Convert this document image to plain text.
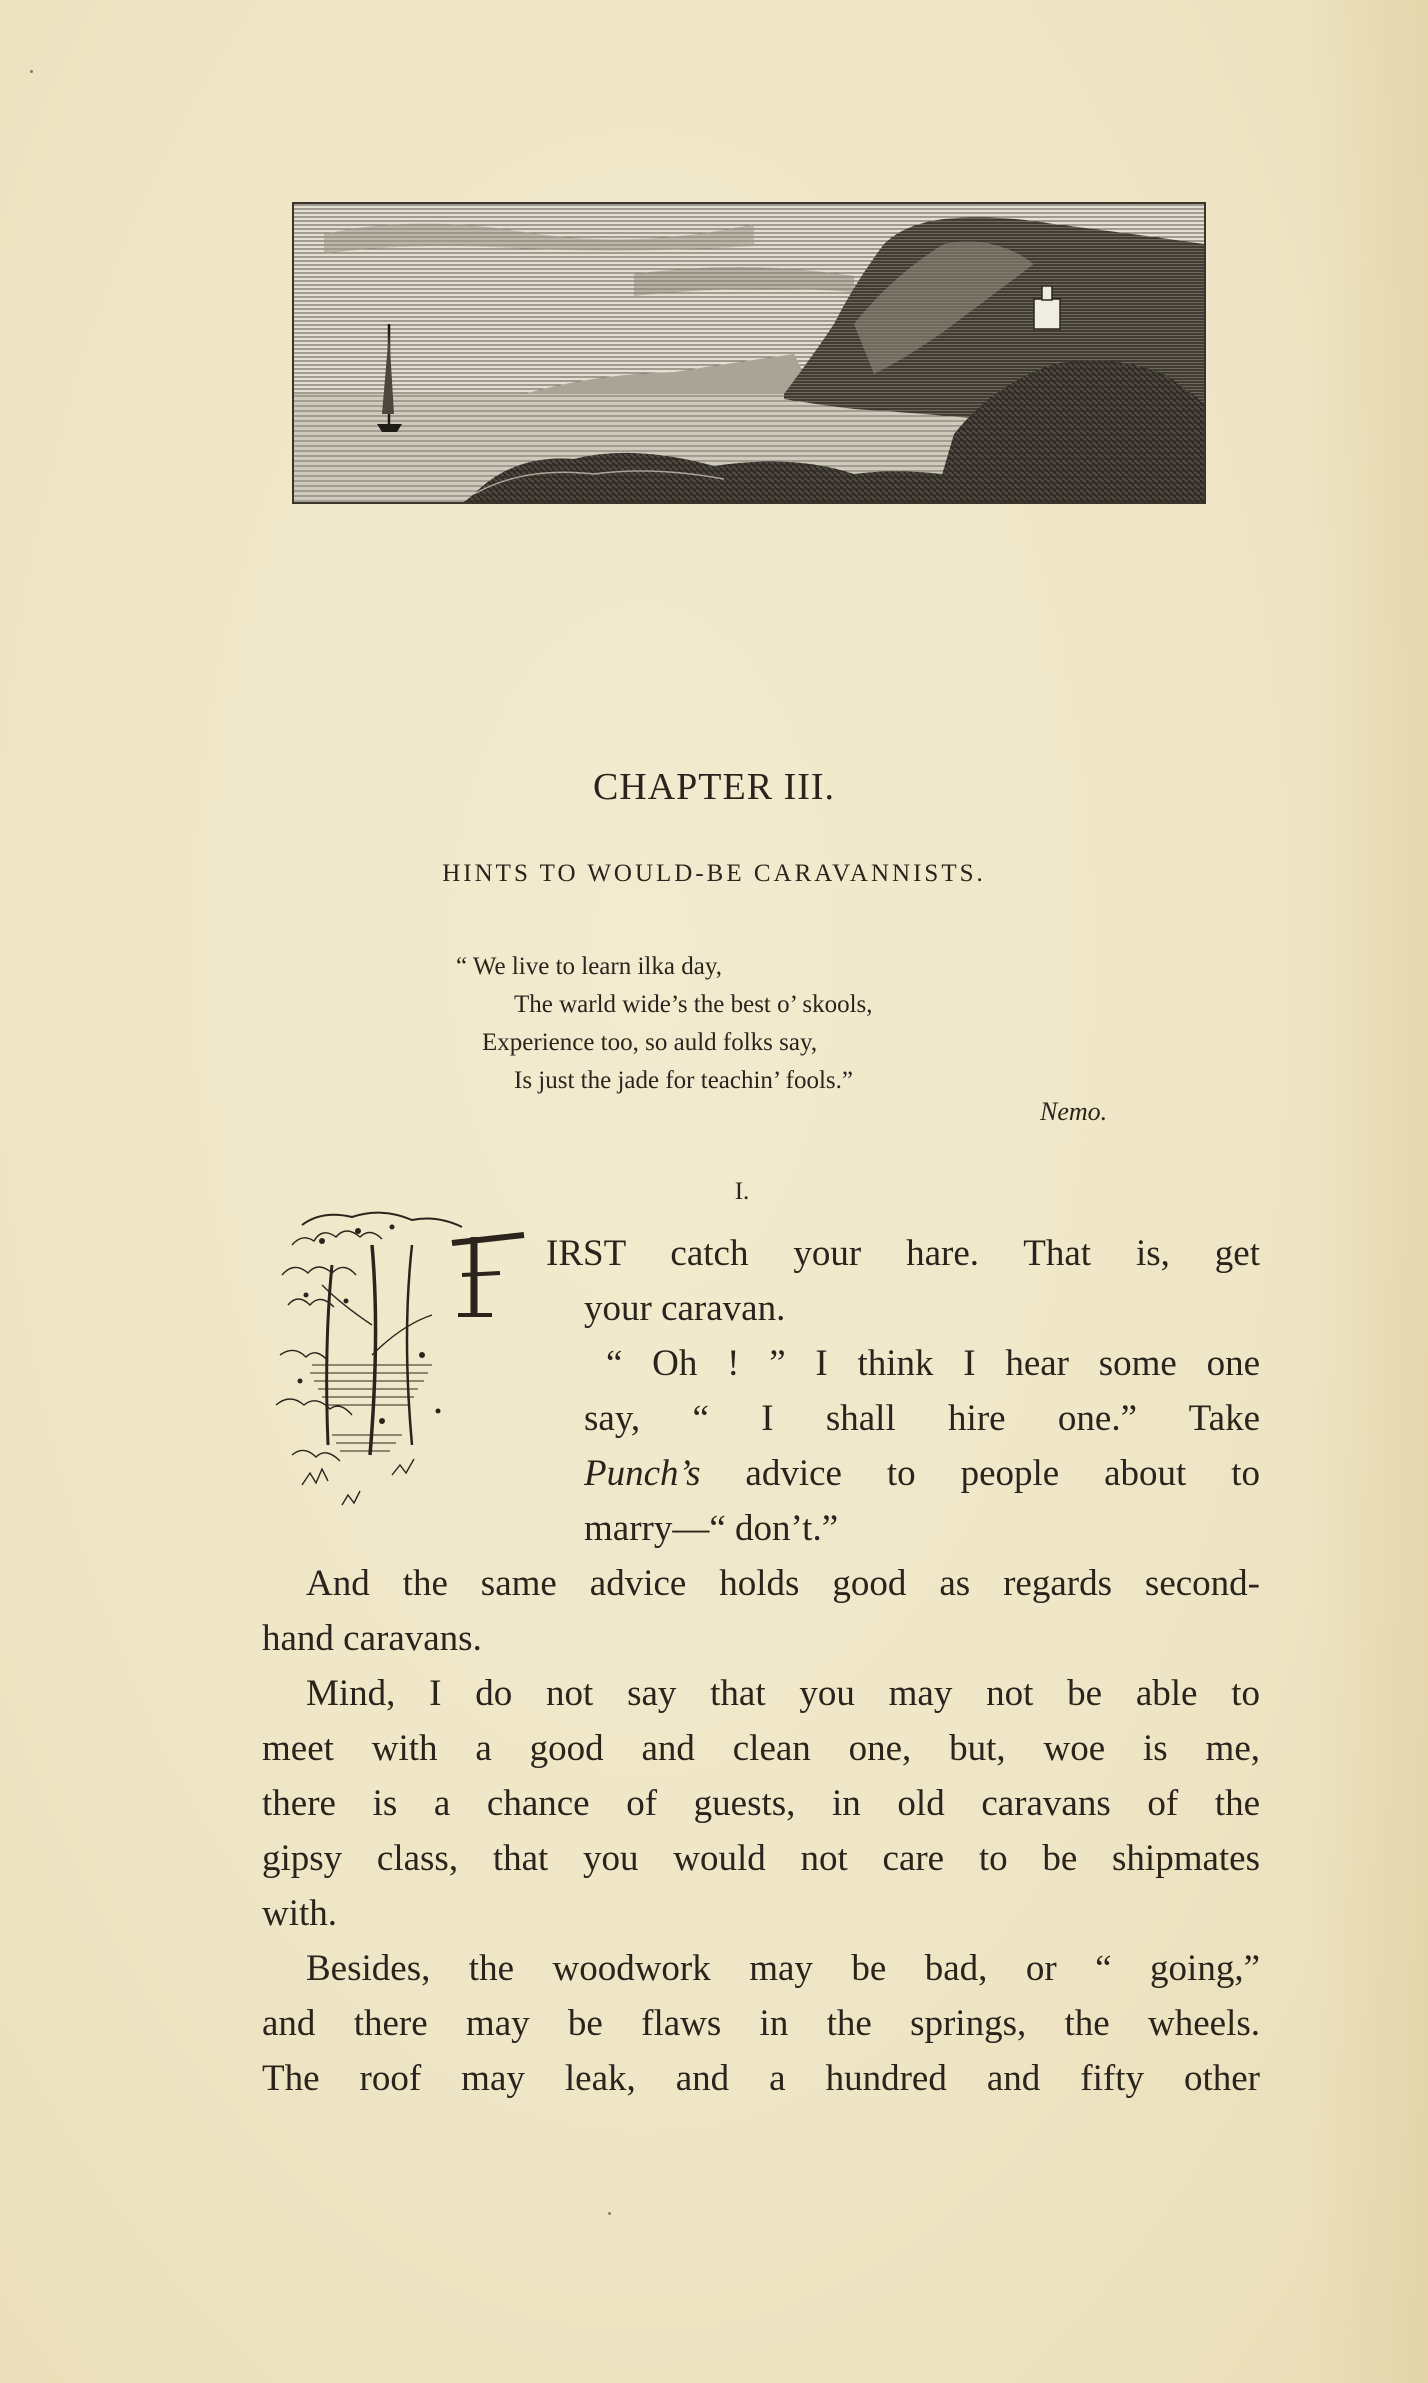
CHAPTER III.
HINTS TO WOULD-BE CARAVANNISTS.
“ We live to learn ilka day,
The warld wide’s the best o’ skools,
Experience too, so auld folks say,
Is just the jade for teachin’ fools.”
Nemo.
I.
IRST catch your hare. That is, get
your caravan.
“ Oh ! ” I think I hear some one
say, “ I shall hire one.” Take
Punch’s advice to people about to
marry—“ don’t.”
And the same advice holds good as regards second-
hand caravans.
Mind, I do not say that you may not be able to
meet with a good and clean one, but, woe is me,
there is a chance of guests, in old caravans of the
gipsy class, that you would not care to be shipmates
with.
Besides, the woodwork may be bad, or “ going,”
and there may be flaws in the springs, the wheels.
The roof may leak, and a hundred and fifty other
